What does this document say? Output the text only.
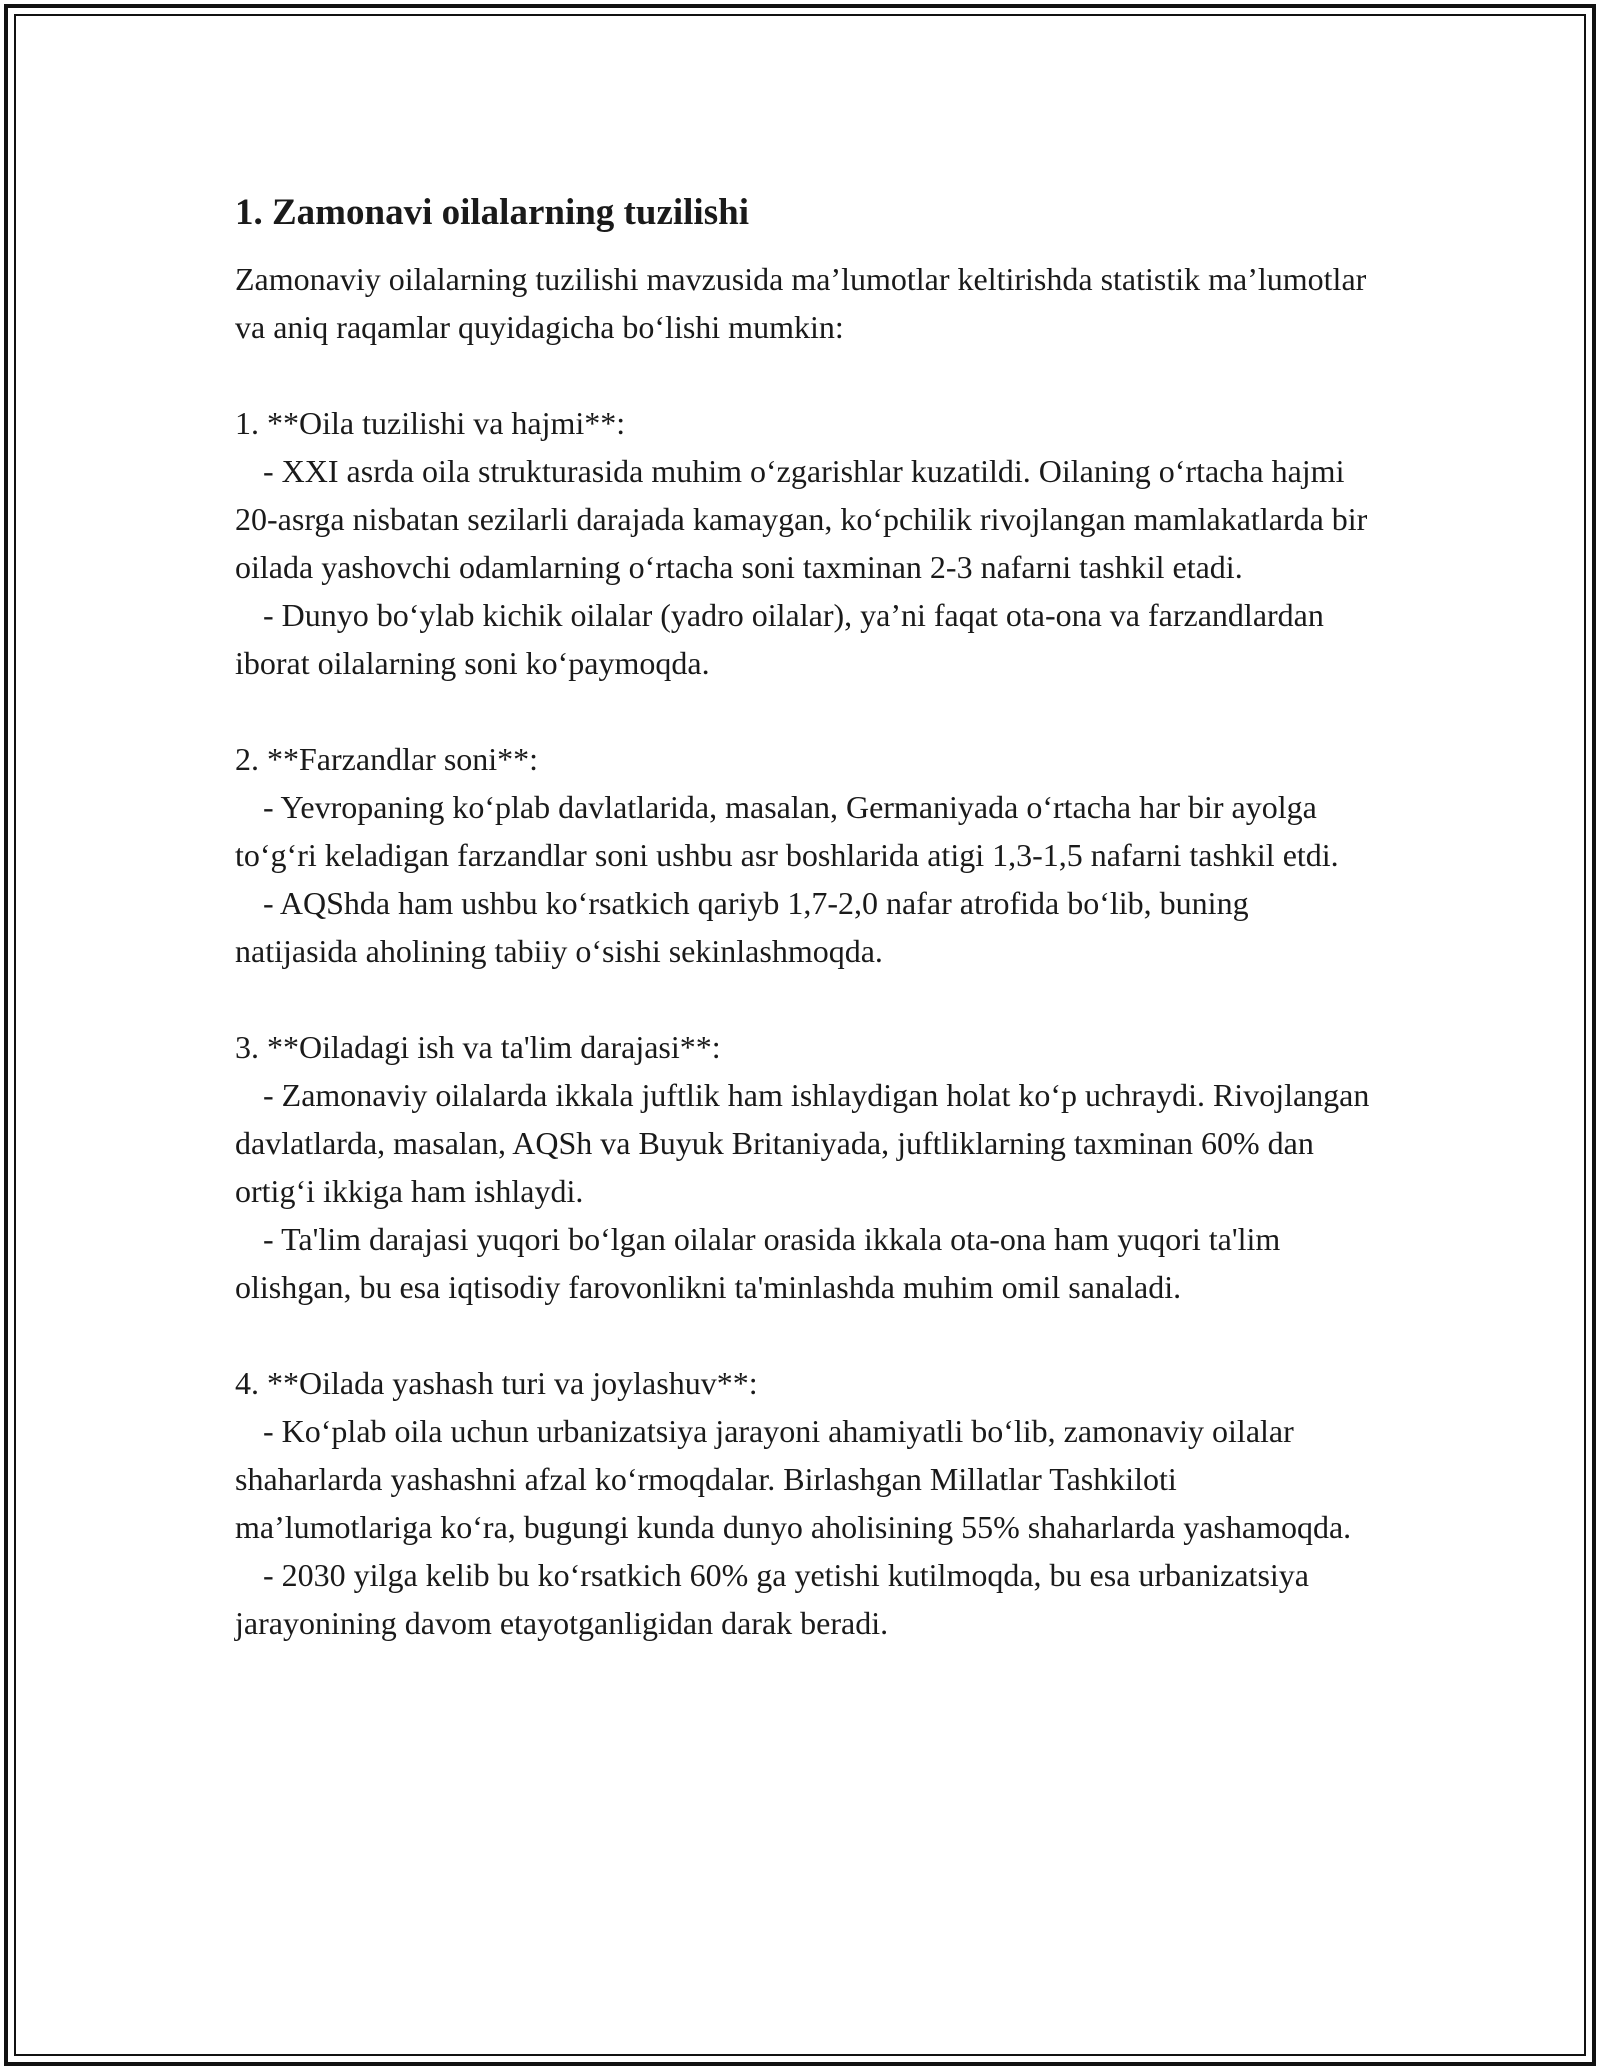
1. Zamonavi oilalarning tuzilishi

Zamonaviy oilalarning tuzilishi mavzusida ma’lumotlar keltirishda statistik ma’lumotlar va aniq raqamlar quyidagicha bo‘lishi mumkin:

1. **Oila tuzilishi va hajmi**:

- XXI asrda oila strukturasida muhim o‘zgarishlar kuzatildi. Oilaning o‘rtacha hajmi 20-asrga nisbatan sezilarli darajada kamaygan, ko‘pchilik rivojlangan mamlakatlarda bir oilada yashovchi odamlarning o‘rtacha soni taxminan 2-3 nafarni tashkil etadi.

- Dunyo bo‘ylab kichik oilalar (yadro oilalar), ya’ni faqat ota-ona va farzandlardan iborat oilalarning soni ko‘paymoqda.

2. **Farzandlar soni**:

- Yevropaning ko‘plab davlatlarida, masalan, Germaniyada o‘rtacha har bir ayolga to‘g‘ri keladigan farzandlar soni ushbu asr boshlarida atigi 1,3-1,5 nafarni tashkil etdi.

- AQShda ham ushbu ko‘rsatkich qariyb 1,7-2,0 nafar atrofida bo‘lib, buning natijasida aholining tabiiy o‘sishi sekinlashmoqda.

3. **Oiladagi ish va ta'lim darajasi**:

- Zamonaviy oilalarda ikkala juftlik ham ishlaydigan holat ko‘p uchraydi. Rivojlangan davlatlarda, masalan, AQSh va Buyuk Britaniyada, juftliklarning taxminan 60% dan ortig‘i ikkiga ham ishlaydi.

- Ta'lim darajasi yuqori bo‘lgan oilalar orasida ikkala ota-ona ham yuqori ta'lim olishgan, bu esa iqtisodiy farovonlikni ta'minlashda muhim omil sanaladi.

4. **Oilada yashash turi va joylashuv**:

- Ko‘plab oila uchun urbanizatsiya jarayoni ahamiyatli bo‘lib, zamonaviy oilalar shaharlarda yashashni afzal ko‘rmoqdalar. Birlashgan Millatlar Tashkiloti ma’lumotlariga ko‘ra, bugungi kunda dunyo aholisining 55% shaharlarda yashamoqda.

- 2030 yilga kelib bu ko‘rsatkich 60% ga yetishi kutilmoqda, bu esa urbanizatsiya jarayonining davom etayotganligidan darak beradi.
